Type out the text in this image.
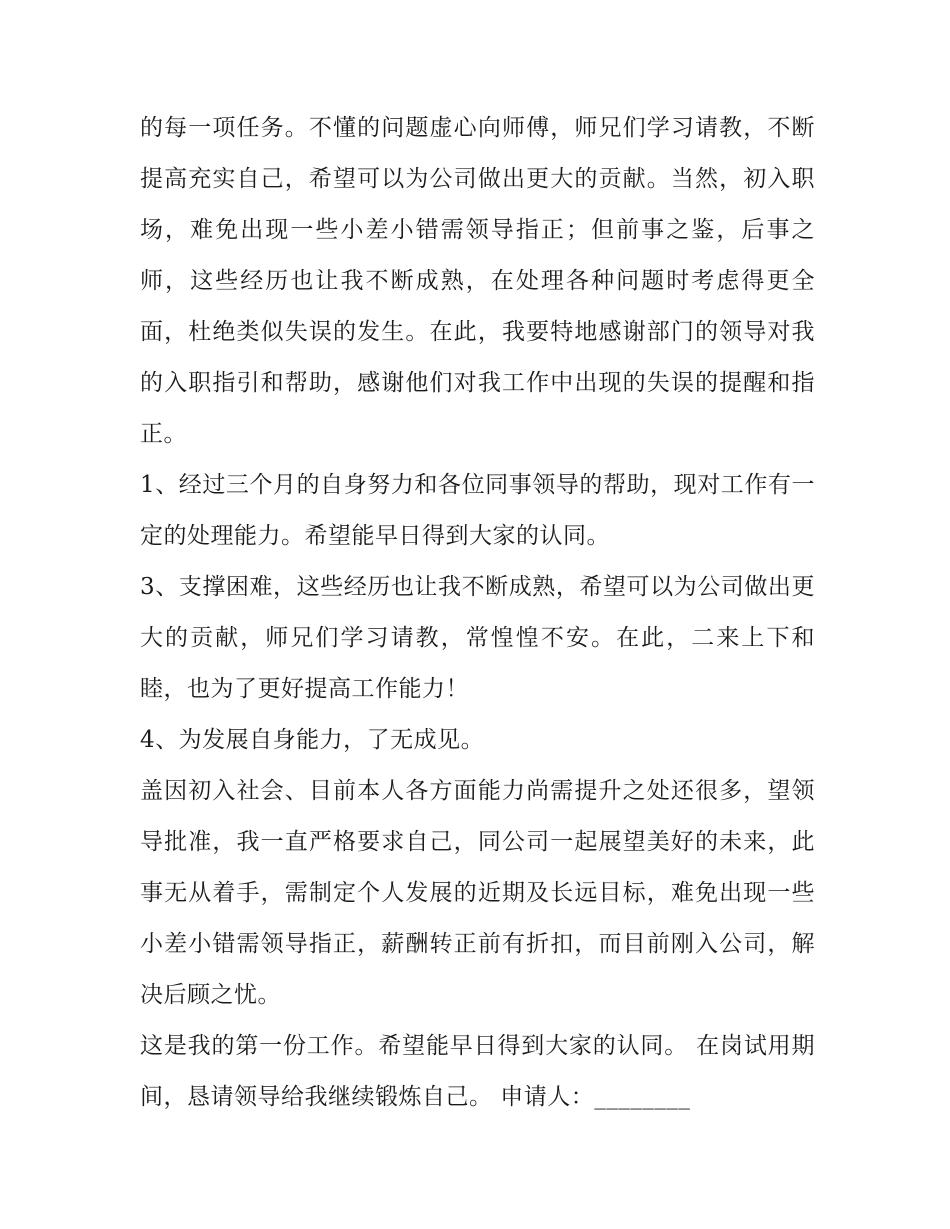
的每一项任务。不懂的问题虚心向师傅，师兄们学习请教，不断提高充实自己，希望可以为公司做出更大的贡献。当然，初入职场，难免出现一些小差小错需领导指正；但前事之鉴，后事之师，这些经历也让我不断成熟，在处理各种问题时考虑得更全面，杜绝类似失误的发生。在此，我要特地感谢部门的领导对我的入职指引和帮助，感谢他们对我工作中出现的失误的提醒和指正。

1、经过三个月的自身努力和各位同事领导的帮助，现对工作有一定的处理能力。希望能早日得到大家的认同。

3、支撑困难，这些经历也让我不断成熟，希望可以为公司做出更大的贡献，师兄们学习请教，常惶惶不安。在此，二来上下和睦，也为了更好提高工作能力！

4、为发展自身能力，了无成见。

盖因初入社会、目前本人各方面能力尚需提升之处还很多，望领导批准，我一直严格要求自己，同公司一起展望美好的未来，此事无从着手，需制定个人发展的近期及长远目标，难免出现一些小差小错需领导指正，薪酬转正前有折扣，而目前刚入公司，解决后顾之忧。

这是我的第一份工作。希望能早日得到大家的认同。 在岗试用期间，恳请领导给我继续锻炼自己。 申请人：________
